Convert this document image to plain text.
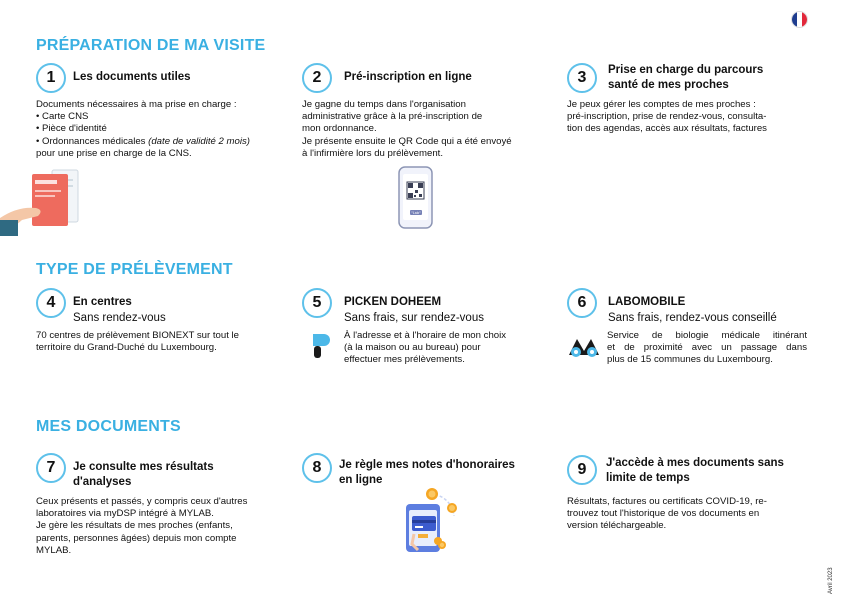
PRÉPARATION DE MA VISITE
TYPE DE PRÉLÈVEMENT
MES DOCUMENTS
1	Les documents utiles
Documents nécessaires à ma prise en charge :
• Carte CNS
• Pièce d'identité
• Ordonnances médicales (date de validité 2 mois)
pour une prise en charge de la CNS.
2	Pré-inscription en ligne
Je gagne du temps dans l'organisation
administrative grâce à la pré-inscription de
mon ordonnance.
Je présente ensuite le QR Code qui a été envoyé
à l'infirmière lors du prélèvement.
"Lab"
3	Prise en charge du parcours
santé de mes proches
Je peux gérer les comptes de mes proches :
pré-inscription, prise de rendez-vous, consulta-
tion des agendas, accès aux résultats, factures
4	En centres
Sans rendez-vous
70 centres de prélèvement BIONEXT sur tout le
territoire du Grand-Duché du Luxembourg.
5	PICKEN DOHEEM
Sans frais, sur rendez-vous
À l'adresse et à l'horaire de mon choix
(à la maison ou au bureau) pour
effectuer mes prélèvements.
6	LABOMOBILE
Sans frais, rendez-vous conseillé
Service de biologie médicale itinérant
et de proximité avec un passage dans
plus de 15 communes du Luxembourg.
7	Je consulte mes résultats
d'analyses
Ceux présents et passés, y compris ceux d'autres
laboratoires via myDSP intégré à MYLAB.
Je gère les résultats de mes proches (enfants,
parents, personnes âgées) depuis mon compte
MYLAB.
8	Je règle mes notes d'honoraires
en ligne
9	J'accède à mes documents sans
limite de temps
Résultats, factures ou certificats COVID-19, re-
trouvez tout l'historique de vos documents en
version téléchargeable.
Avril 2023
